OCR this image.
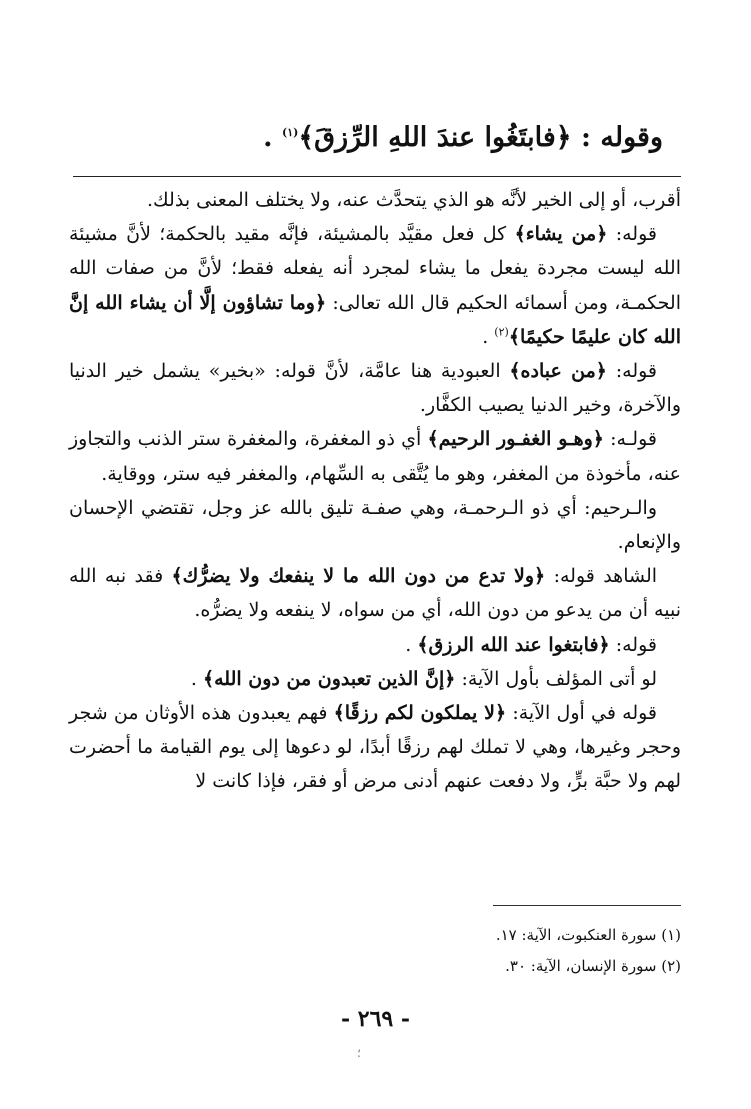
وقوله : ﴿فابتَغُوا عندَ اللهِ الرِّزقَ﴾$^{(١)}$ .

أقرب، أو إلى الخير لأنَّه هو الذي يتحدَّث عنه، ولا يختلف المعنى بذلك.

قوله: ﴿من يشاء﴾ كل فعل مقيَّد بالمشيئة، فإنَّه مقيد بالحكمة؛ لأنَّ مشيئة الله ليست مجردة يفعل ما يشاء لمجرد أنه يفعله فقط؛ لأنَّ من صفات الله الحكمـة، ومن أسمائه الحكيم قال الله تعالى: ﴿وما تشاؤون إلَّا أن يشاء الله إنَّ الله كان عليمًا حكيمًا﴾$^{(٢)}$ .

قوله: ﴿من عباده﴾ العبودية هنا عامَّة، لأنَّ قوله: «بخير» يشمل خير الدنيا والآخرة، وخير الدنيا يصيب الكفَّار.

قولـه: ﴿وهـو الغفـور الرحيم﴾ أي ذو المغفرة، والمغفرة ستر الذنب والتجاوز عنه، مأخوذة من المغفر، وهو ما يُتَّقى به السِّهام، والمغفر فيه ستر، ووقاية.

والـرحيم: أي ذو الـرحمـة، وهي صفـة تليق بالله عز وجل، تقتضي الإحسان والإنعام.

الشاهد قوله: ﴿ولا تدع من دون الله ما لا ينفعك ولا يضرُّك﴾ فقد نبه الله نبيه أن من يدعو من دون الله، أي من سواه، لا ينفعه ولا يضرُّه.

قوله: ﴿فابتغوا عند الله الرزق﴾ .

لو أتى المؤلف بأول الآية: ﴿إنَّ الذين تعبدون من دون الله﴾ .

قوله في أول الآية: ﴿لا يملكون لكم رزقًا﴾ فهم يعبدون هذه الأوثان من شجر وحجر وغيرها، وهي لا تملك لهم رزقًا أبدًا، لو دعوها إلى يوم القيامة ما أحضرت لهم ولا حبَّة برٍّ، ولا دفعت عنهم أدنى مرض أو فقر، فإذا كانت لا

(١) سورة العنكبوت، الآية: ١٧.

(٢) سورة الإنسان، الآية: ٣٠.

- ٢٦٩ -
؛
